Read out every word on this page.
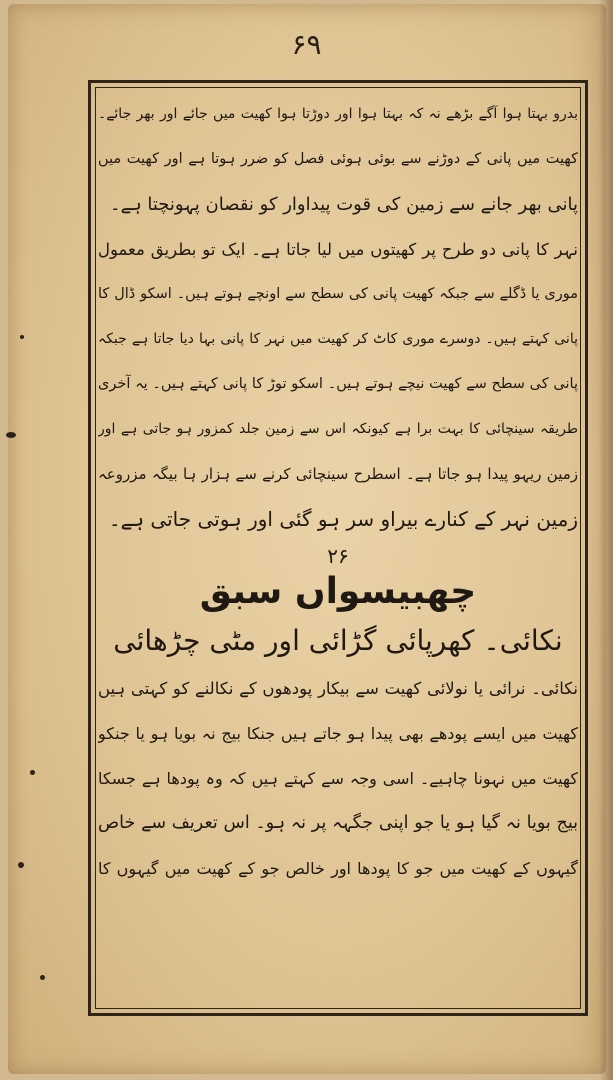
۶۹
بدرو بہتا ہوا آگے بڑھے نہ کہ بہتا ہوا اور دوڑتا ہوا کھیت میں جائے اور بھر جائے۔
کھیت میں پانی کے دوڑنے سے بوئی ہوئی فصل کو ضرر ہوتا ہے اور کھیت میں
پانی بھر جانے سے زمین کی قوت پیداوار کو نقصان پہونچتا ہے۔
نہر کا پانی دو طرح پر کھیتوں میں لیا جاتا ہے۔ ایک تو بطریق معمول
موری یا ڈگلے سے جبکہ کھیت پانی کی سطح سے اونچے ہوتے ہیں۔ اسکو ڈال کا
پانی کہتے ہیں۔ دوسرے موری کاٹ کر کھیت میں نہر کا پانی بہا دیا جاتا ہے جبکہ
پانی کی سطح سے کھیت نیچے ہوتے ہیں۔ اسکو توڑ کا پانی کہتے ہیں۔ یہ آخری
طریقہ سینچائی کا بہت برا ہے کیونکہ اس سے زمین جلد کمزور ہو جاتی ہے اور
زمین ریہو پیدا ہو جاتا ہے۔ اسطرح سینچائی کرنے سے ہزار ہا بیگہ مزروعہ
زمین نہر کے کنارے بیراو سر ہو گئی اور ہوتی جاتی ہے۔
۲۶
چھبیسواں سبق
نکائی۔ کھرپائی گڑائی اور مٹی چڑھائی
نکائی۔ نرائی یا نولائی کھیت سے بیکار پودھوں کے نکالنے کو کہتی ہیں
کھیت میں ایسے پودھے بھی پیدا ہو جاتے ہیں جنکا بیج نہ بویا ہو یا جنکو
کھیت میں نہونا چاہیے۔ اسی وجہ سے کہتے ہیں کہ وہ پودھا ہے جسکا
بیج بویا نہ گیا ہو یا جو اپنی جگہہ پر نہ ہو۔ اس تعریف سے خاص
گیہوں کے کھیت میں جو کا پودھا اور خالص جو کے کھیت میں گیہوں کا
